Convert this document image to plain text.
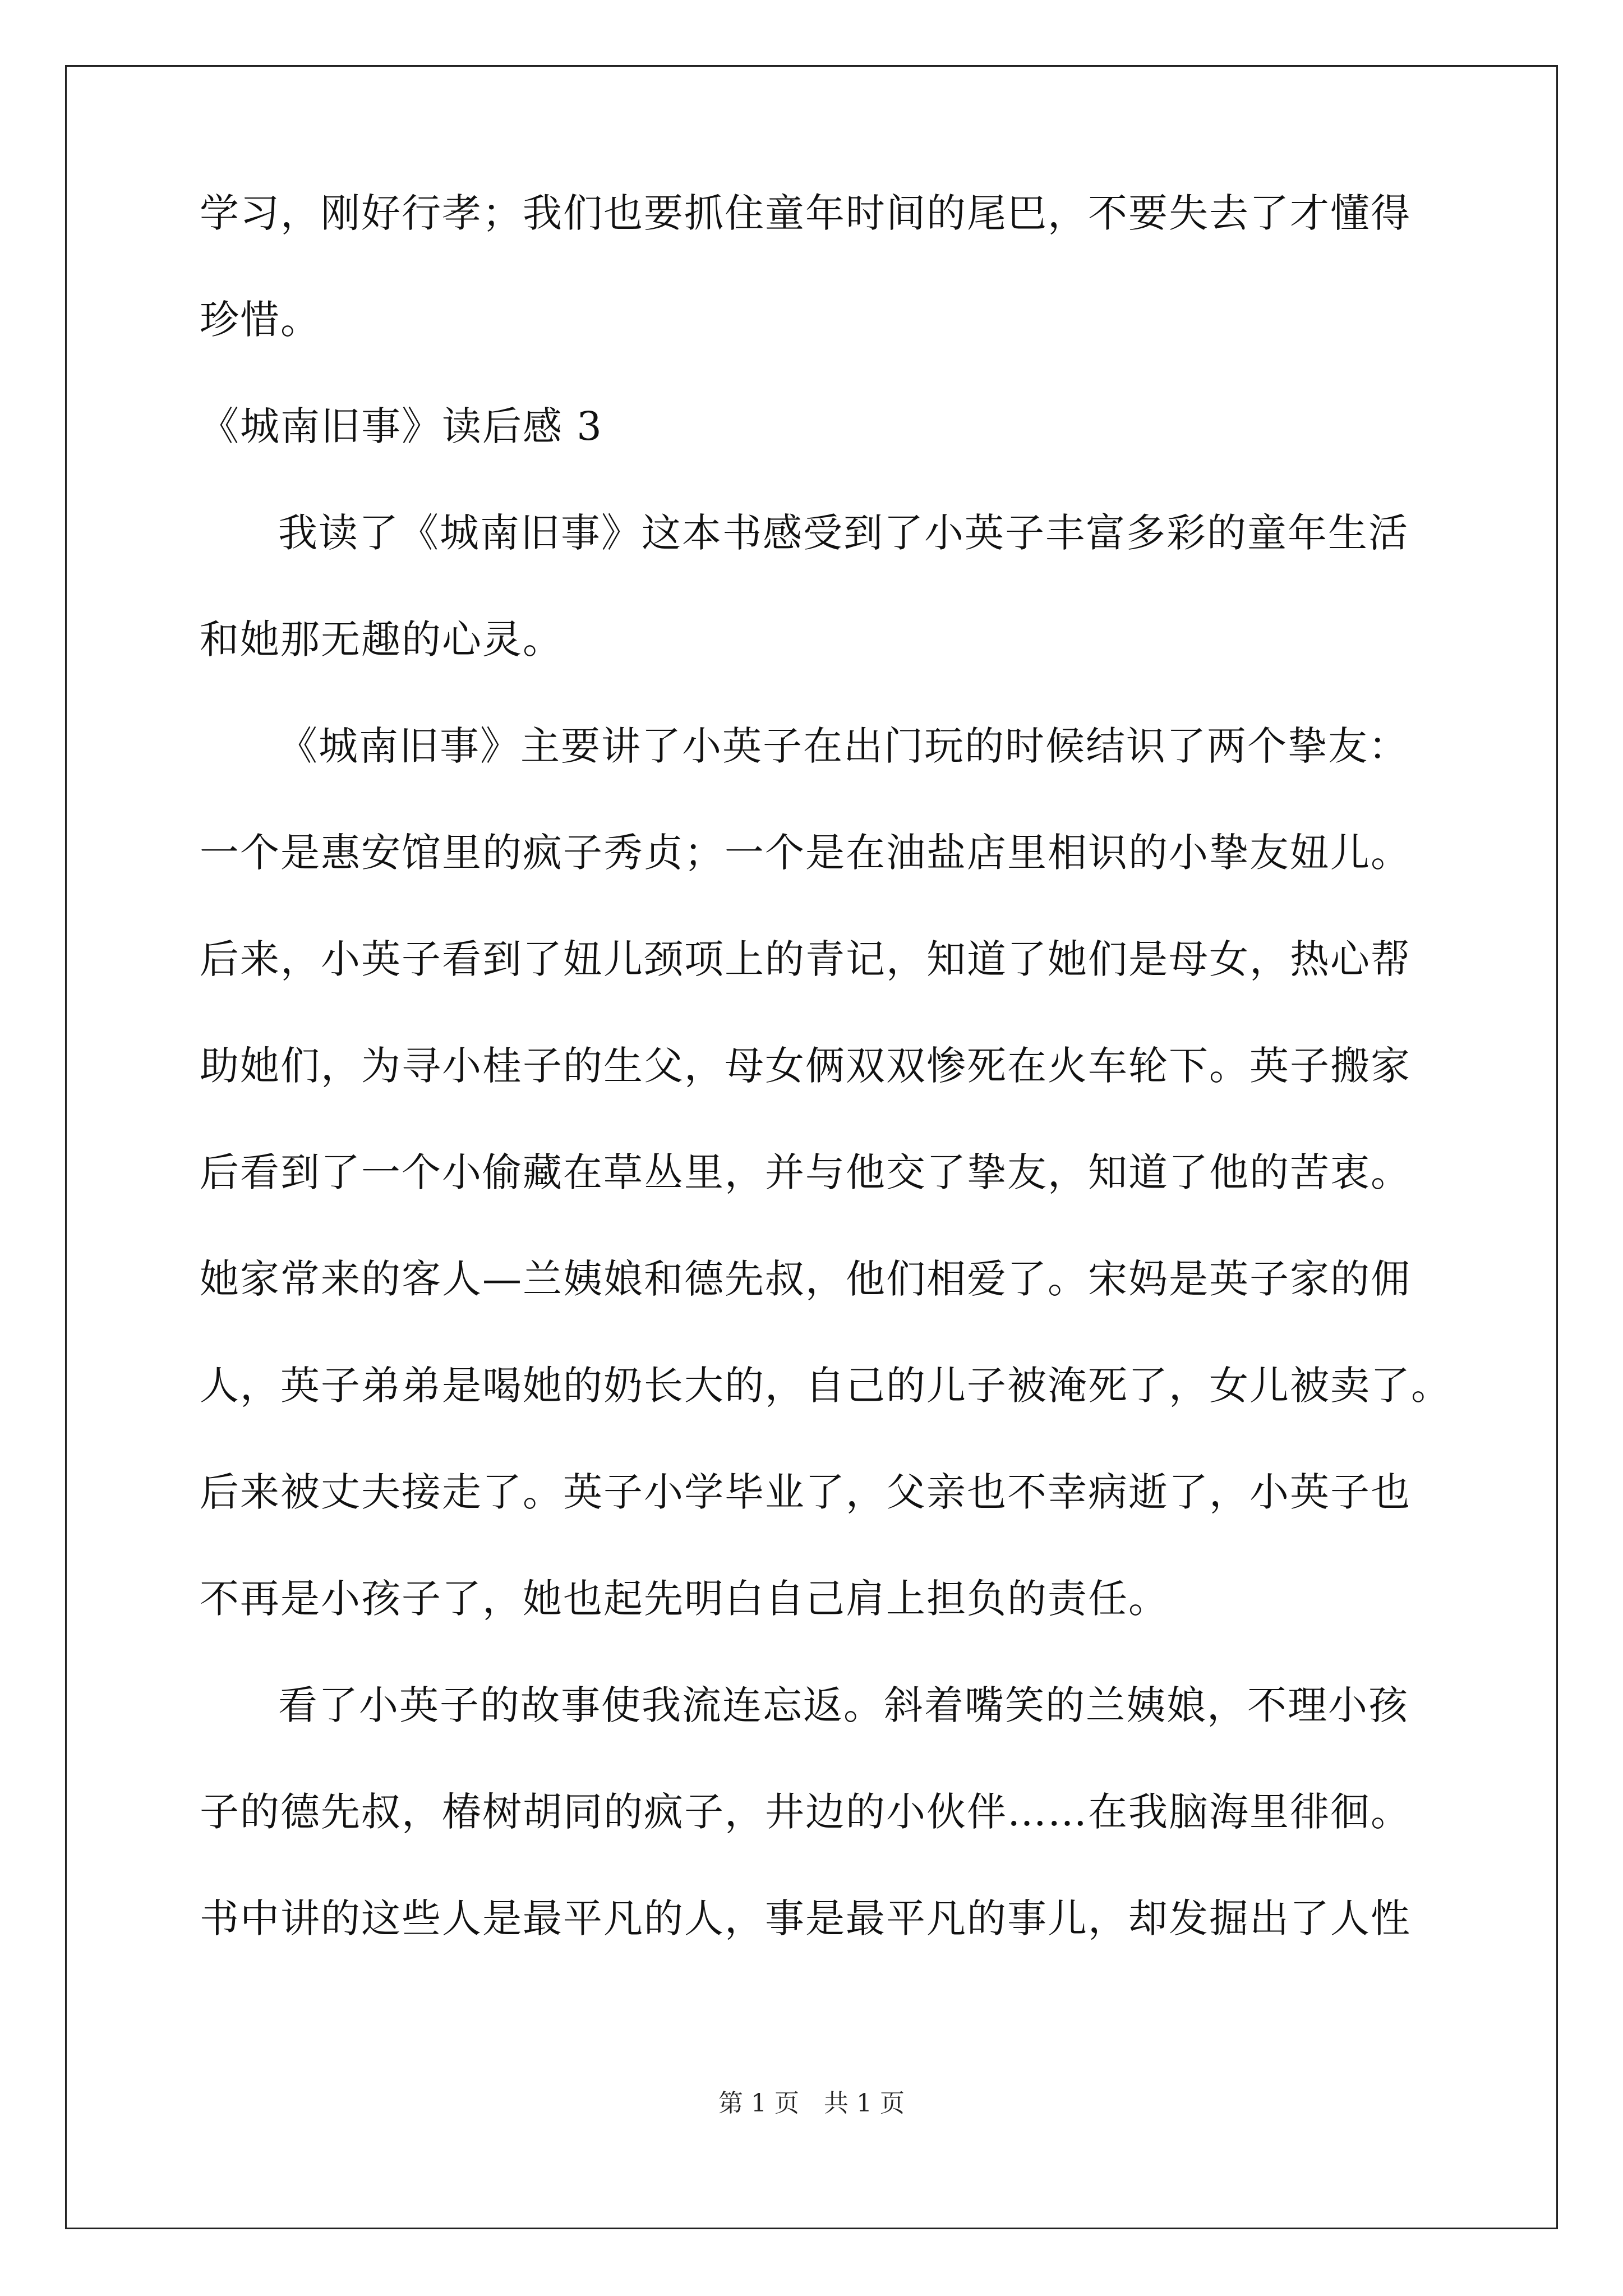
学习，刚好行孝；我们也要抓住童年时间的尾巴，不要失去了才懂得
珍惜。
《城南旧事》读后感 3
我读了《城南旧事》这本书感受到了小英子丰富多彩的童年生活
和她那无趣的心灵。
《城南旧事》主要讲了小英子在出门玩的时候结识了两个挚友：
一个是惠安馆里的疯子秀贞；一个是在油盐店里相识的小挚友妞儿。
后来，小英子看到了妞儿颈项上的青记，知道了她们是母女，热心帮
助她们，为寻小桂子的生父，母女俩双双惨死在火车轮下。英子搬家
后看到了一个小偷藏在草丛里，并与他交了挚友，知道了他的苦衷。
她家常来的客人—兰姨娘和德先叔，他们相爱了。宋妈是英子家的佣
人，英子弟弟是喝她的奶长大的，自己的儿子被淹死了，女儿被卖了。
后来被丈夫接走了。英子小学毕业了，父亲也不幸病逝了，小英子也
不再是小孩子了，她也起先明白自己肩上担负的责任。
看了小英子的故事使我流连忘返。斜着嘴笑的兰姨娘，不理小孩
子的德先叔，椿树胡同的疯子，井边的小伙伴……在我脑海里徘徊。
书中讲的这些人是最平凡的人，事是最平凡的事儿，却发掘出了人性
第 1 页　共 1 页
